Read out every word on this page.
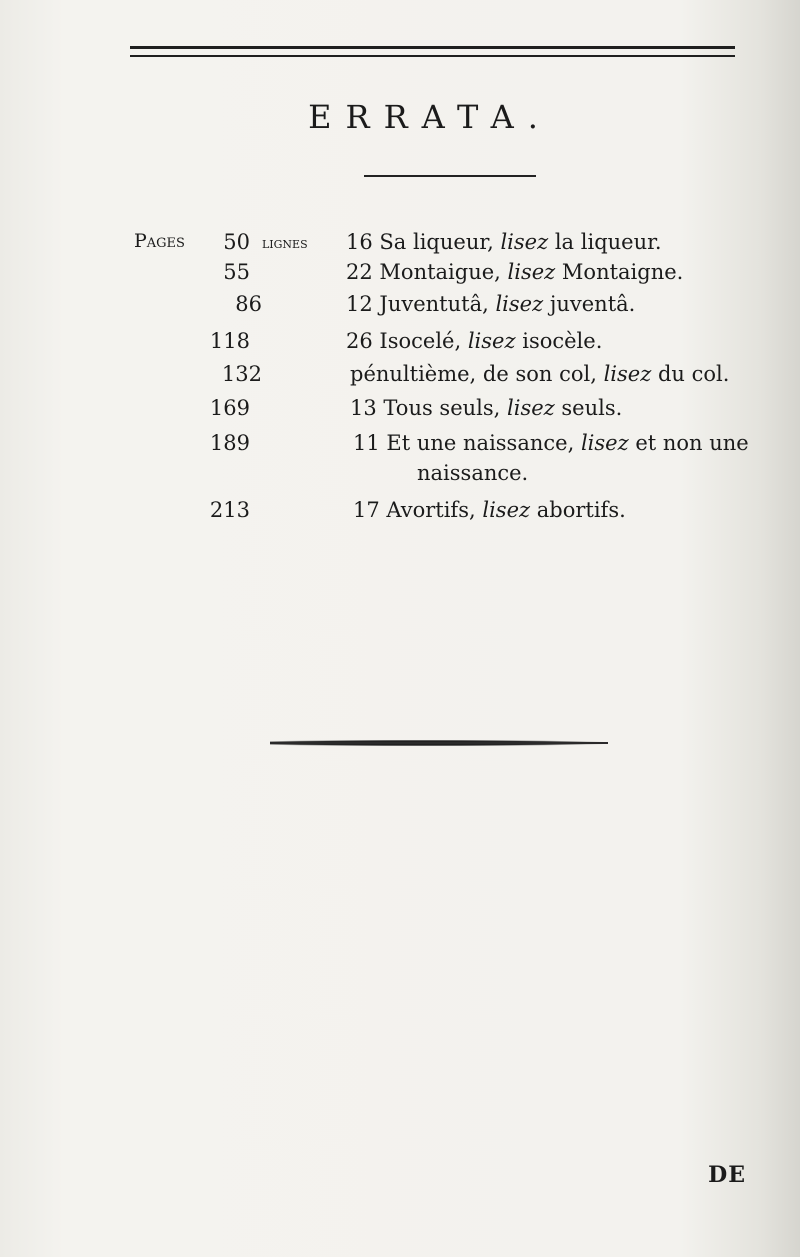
ERRATA.
Pages	50 lignes 16 Sa liqueur, lisez la liqueur.
55	22 Montaigue, lisez Montaigne.
86	12 Juventutâ, lisez juventâ.
118	26 Isocelé, lisez isocèle.
132	pénultième, de son col, lisez du col.
169	13 Tous seuls, lisez seuls.
189	11 Et une naissance, lisez et non une
naissance.
213	17 Avortifs, lisez abortifs.
DE
